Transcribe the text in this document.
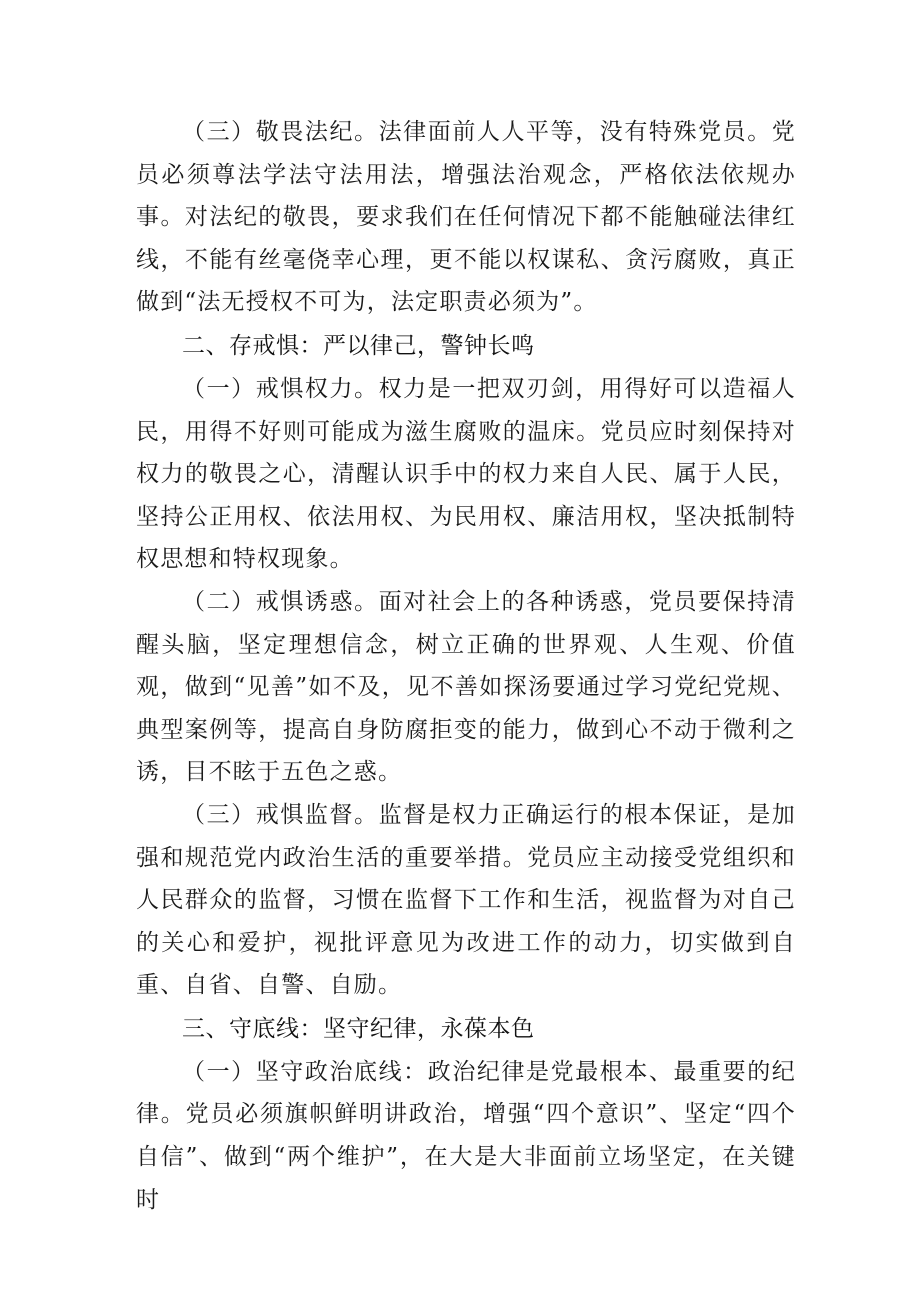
（三）敬畏法纪。法律面前人人平等，没有特殊党员。党员必须尊法学法守法用法，增强法治观念，严格依法依规办事。对法纪的敬畏，要求我们在任何情况下都不能触碰法律红线，不能有丝毫侥幸心理，更不能以权谋私、贪污腐败，真正做到“法无授权不可为，法定职责必须为”。

二、存戒惧：严以律己，警钟长鸣

（一）戒惧权力。权力是一把双刃剑，用得好可以造福人民，用得不好则可能成为滋生腐败的温床。党员应时刻保持对权力的敬畏之心，清醒认识手中的权力来自人民、属于人民，坚持公正用权、依法用权、为民用权、廉洁用权，坚决抵制特权思想和特权现象。

（二）戒惧诱惑。面对社会上的各种诱惑，党员要保持清醒头脑，坚定理想信念，树立正确的世界观、人生观、价值观，做到“见善”如不及，见不善如探汤要通过学习党纪党规、典型案例等，提高自身防腐拒变的能力，做到心不动于微利之诱，目不眩于五色之惑。

（三）戒惧监督。监督是权力正确运行的根本保证，是加强和规范党内政治生活的重要举措。党员应主动接受党组织和人民群众的监督，习惯在监督下工作和生活，视监督为对自己的关心和爱护，视批评意见为改进工作的动力，切实做到自重、自省、自警、自励。

三、守底线：坚守纪律，永葆本色

（一）坚守政治底线：政治纪律是党最根本、最重要的纪律。党员必须旗帜鲜明讲政治，增强“四个意识”、坚定“四个自信”、做到“两个维护”，在大是大非面前立场坚定，在关键时
